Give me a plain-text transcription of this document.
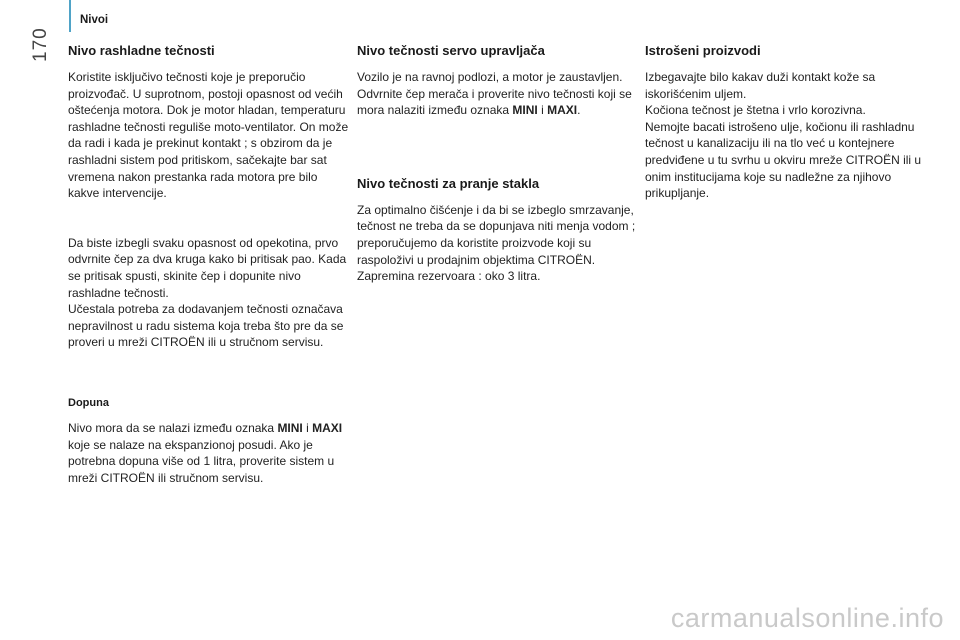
Nivoi
170 Nivo rashladne tečnosti

Koristite isključivo tečnosti koje je preporučio proizvođač. U suprotnom, postoji opasnost od većih oštećenja motora. Dok je motor hladan, temperaturu rashladne tečnosti reguliše moto-ventilator. On može da radi i kada je prekinut kontakt ; s obzirom da je rashladni sistem pod pritiskom, sačekajte bar sat vremena nakon prestanka rada motora pre bilo kakve intervencije.

Da biste izbegli svaku opasnost od opekotina, prvo odvrnite čep za dva kruga kako bi pritisak pao. Kada se pritisak spusti, skinite čep i dopunite nivo rashladne tečnosti.

Učestala potreba za dodavanjem tečnosti označava nepravilnost u radu sistema koja treba što pre da se proveri u mreži CITROËN ili u stručnom servisu.

Dopuna

Nivo mora da se nalazi između oznaka MINI i MAXI koje se nalaze na ekspanzionoj posudi. Ako je potrebna dopuna više od 1 litra, proverite sistem u mreži CITROËN ili stručnom servisu.

Nivo tečnosti servo upravljača

Vozilo je na ravnoj podlozi, a motor je zaustavljen. Odvrnite čep merača i proverite nivo tečnosti koji se mora nalaziti između oznaka MINI i MAXI.

Nivo tečnosti za pranje stakla

Za optimalno čišćenje i da bi se izbeglo smrzavanje, tečnost ne treba da se dopunjava niti menja vodom ; preporučujemo da koristite proizvode koji su raspoloživi u prodajnim objektima CITROËN.

Zapremina rezervoara : oko 3 litra.

Istrošeni proizvodi

Izbegavajte bilo kakav duži kontakt kože sa iskorišćenim uljem.

Kočiona tečnost je štetna i vrlo korozivna.

Nemojte bacati istrošeno ulje, kočionu ili rashladnu tečnost u kanalizaciju ili na tlo već u kontejnere predviđene u tu svrhu u okviru mreže CITROËN ili u onim institucijama koje su nadležne za njihovo prikupljanje.

carmanualsonline.info
